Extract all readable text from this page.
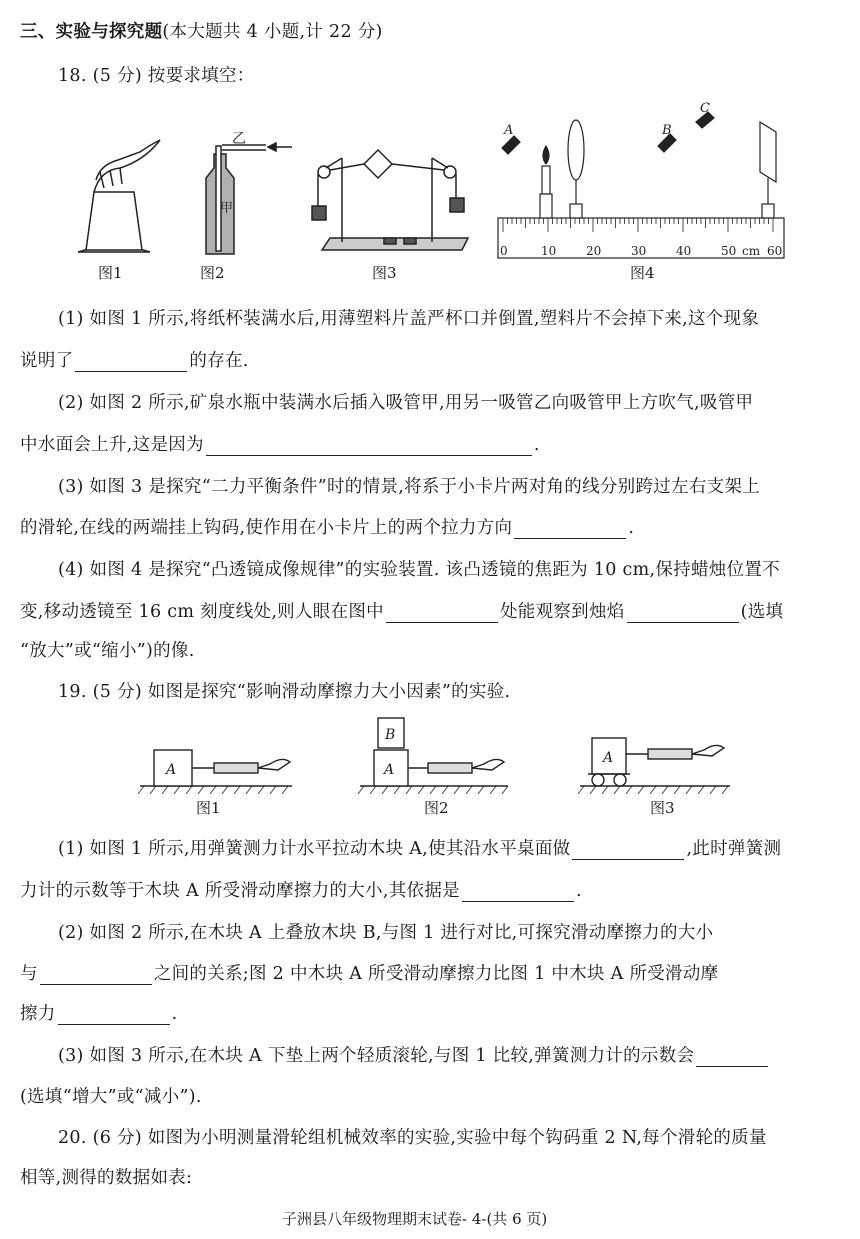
三、实验与探究题(本大题共 4 小题,计 22 分)
18. (5 分) 按要求填空：
乙
甲
A	B
C
0	10 20 30 40 50	60
cm
图1	图2	图3	图4
(1) 如图 1 所示,将纸杯装满水后,用薄塑料片盖严杯口并倒置,塑料片不会掉下来,这个现象
说明了	的存在.
(2) 如图 2 所示,矿泉水瓶中装满水后插入吸管甲,用另一吸管乙向吸管甲上方吹气,吸管甲
中水面会上升,这是因为	.
(3) 如图 3 是探究“二力平衡条件”时的情景,将系于小卡片两对角的线分别跨过左右支架上
的滑轮,在线的两端挂上钩码,使作用在小卡片上的两个拉力方向	.
(4) 如图 4 是探究“凸透镜成像规律”的实验装置. 该凸透镜的焦距为 10 cm,保持蜡烛位置不
变,移动透镜至 16 cm 刻度线处,则人眼在图中	处能观察到烛焰	(选填
“放大”或“缩小”)的像.
19. (5 分) 如图是探究“影响滑动摩擦力大小因素”的实验.
A	A
B
A
图1	图2	图3
(1) 如图 1 所示,用弹簧测力计水平拉动木块 A,使其沿水平桌面做	,此时弹簧测
力计的示数等于木块 A 所受滑动摩擦力的大小,其依据是	.
(2) 如图 2 所示,在木块 A 上叠放木块 B,与图 1 进行对比,可探究滑动摩擦力的大小
与	之间的关系;图 2 中木块 A 所受滑动摩擦力比图 1 中木块 A 所受滑动摩
擦力	.
(3) 如图 3 所示,在木块 A 下垫上两个轻质滚轮,与图 1 比较,弹簧测力计的示数会
(选填“增大”或“减小”).
20. (6 分) 如图为小明测量滑轮组机械效率的实验,实验中每个钩码重 2 N,每个滑轮的质量
相等,测得的数据如表:
子洲县八年级物理期末试卷- 4-(共 6 页)
